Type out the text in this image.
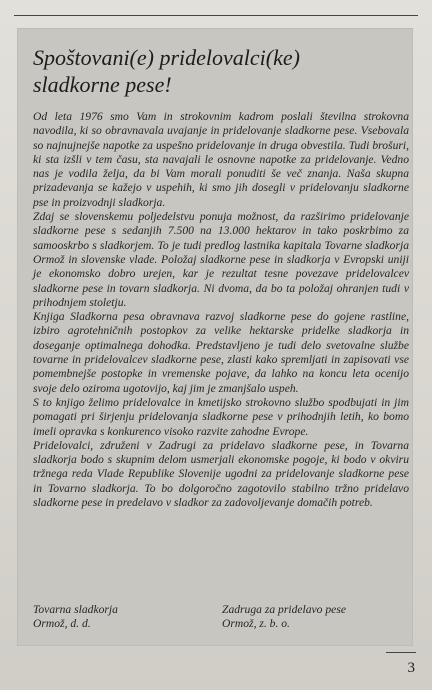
edisfeo
Spoštovani(e) pridelovalci(ke)
sladkorne pese!

Od leta 1976 smo Vam in strokovnim kadrom poslali številna strokovna navodila, ki so obravnavala uvajanje in pridelovanje sladkorne pese. Vsebovala so najnujnejše napotke za uspešno pridelovanje in druga obvestila. Tudi brošuri, ki sta izšli v tem času, sta navajali le osnovne napotke za pridelovanje. Vedno nas je vodila želja, da bi Vam morali ponuditi še več znanja. Naša skupna prizadevanja se kažejo v uspehih, ki smo jih dosegli v pridelovanju sladkorne pse in proizvodnji sladkorja.

Zdaj se slovenskemu poljedelstvu ponuja možnost, da razširimo pridelovanje sladkorne pese s sedanjih 7.500 na 13.000 hektarov in tako poskrbimo za samooskrbo s sladkorjem. To je tudi predlog lastnika kapitala Tovarne sladkorja Ormož in slovenske vlade. Položaj sladkorne pese in sladkorja v Evropski uniji je ekonomsko dobro urejen, kar je rezultat tesne povezave pridelovalcev sladkorne pese in tovarn sladkorja. Ni dvoma, da bo ta položaj ohranjen tudi v prihodnjem stoletju.

Knjiga Sladkorna pesa obravnava razvoj sladkorne pese do gojene rastline, izbiro agrotehničnih postopkov za velike hektarske pridelke sladkorja in doseganje optimalnega dohodka. Predstavljeno je tudi delo svetovalne službe tovarne in pridelovalcev sladkorne pese, zlasti kako spremljati in zapisovati vse pomembnejše postopke in vremenske pojave, da lahko na koncu leta ocenijo svoje delo oziroma ugotovijo, kaj jim je zmanjšalo uspeh.

S to knjigo želimo pridelovalce in kmetijsko strokovno službo spodbujati in jim pomagati pri širjenju pridelovanja sladkorne pese v prihodnjih letih, ko bomo imeli opravka s konkurenco visoko razvite zahodne Evrope.

Pridelovalci, združeni v Zadrugi za pridelavo sladkorne pese, in Tovarna sladkorja bodo s skupnim delom usmerjali ekonomske pogoje, ki bodo v okviru tržnega reda Vlade Republike Slovenije ugodni za pridelovanje sladkorne pese in Tovarno sladkorja. To bo dolgoročno zagotovilo stabilno tržno pridelavo sladkorne pese in predelavo v sladkor za zadovoljevanje domačih potreb.

Tovarna sladkorja
Ormož, d. d.
Zadruga za pridelavo pese
Ormož, z. b. o.
3
